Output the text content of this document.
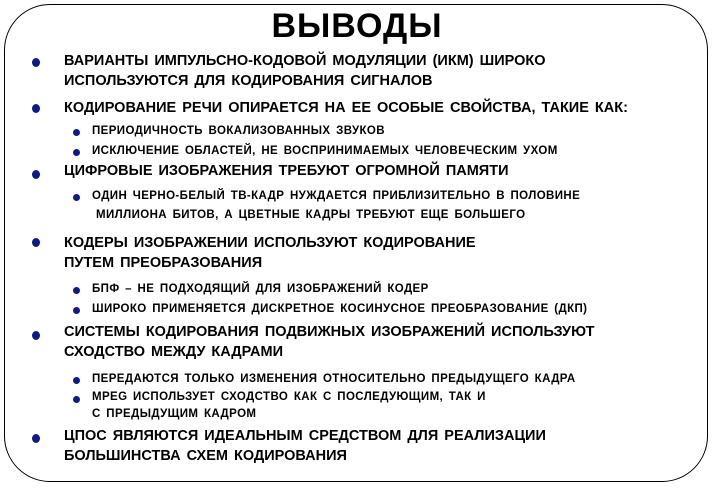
ВЫВОДЫ
ВАРИАНТЫ ИМПУЛЬСНО-КОДОВОЙ МОДУЛЯЦИИ (ИКМ) ШИРОКО
ИСПОЛЬЗУЮТСЯ ДЛЯ КОДИРОВАНИЯ СИГНАЛОВ
КОДИРОВАНИЕ РЕЧИ ОПИРАЕТСЯ НА ЕЕ ОСОБЫЕ СВОЙСТВА, ТАКИЕ КАК:
ПЕРИОДИЧНОСТЬ ВОКАЛИЗОВАННЫХ ЗВУКОВ
ИСКЛЮЧЕНИЕ ОБЛАСТЕЙ, НЕ ВОСПРИНИМАЕМЫХ ЧЕЛОВЕЧЕСКИМ УХОМ
ЦИФРОВЫЕ ИЗОБРАЖЕНИЯ ТРЕБУЮТ ОГРОМНОЙ ПАМЯТИ
ОДИН ЧЕРНО-БЕЛЫЙ ТВ-КАДР НУЖДАЕТСЯ ПРИБЛИЗИТЕЛЬНО В ПОЛОВИНЕ
МИЛЛИОНА БИТОВ, А ЦВЕТНЫЕ КАДРЫ ТРЕБУЮТ ЕЩЕ БОЛЬШЕГО
КОДЕРЫ ИЗОБРАЖЕНИИ ИСПОЛЬЗУЮТ КОДИРОВАНИЕ
ПУТЕМ ПРЕОБРАЗОВАНИЯ
БПФ – НЕ ПОДХОДЯЩИЙ ДЛЯ ИЗОБРАЖЕНИЙ КОДЕР
ШИРОКО ПРИМЕНЯЕТСЯ ДИСКРЕТНОЕ КОСИНУСНОЕ ПРЕОБРАЗОВАНИЕ (ДКП)
СИСТЕМЫ КОДИРОВАНИЯ ПОДВИЖНЫХ ИЗОБРАЖЕНИЙ ИСПОЛЬЗУЮТ
СХОДСТВО МЕЖДУ КАДРАМИ
ПЕРЕДАЮТСЯ ТОЛЬКО ИЗМЕНЕНИЯ ОТНОСИТЕЛЬНО ПРЕДЫДУЩЕГО КАДРА
MPEG ИСПОЛЬЗУЕТ СХОДСТВО КАК С ПОСЛЕДУЮЩИМ, ТАК И
С ПРЕДЫДУЩИМ КАДРОМ
ЦПОС ЯВЛЯЮТСЯ ИДЕАЛЬНЫМ СРЕДСТВОМ ДЛЯ РЕАЛИЗАЦИИ
БОЛЬШИНСТВА СХЕМ КОДИРОВАНИЯ
